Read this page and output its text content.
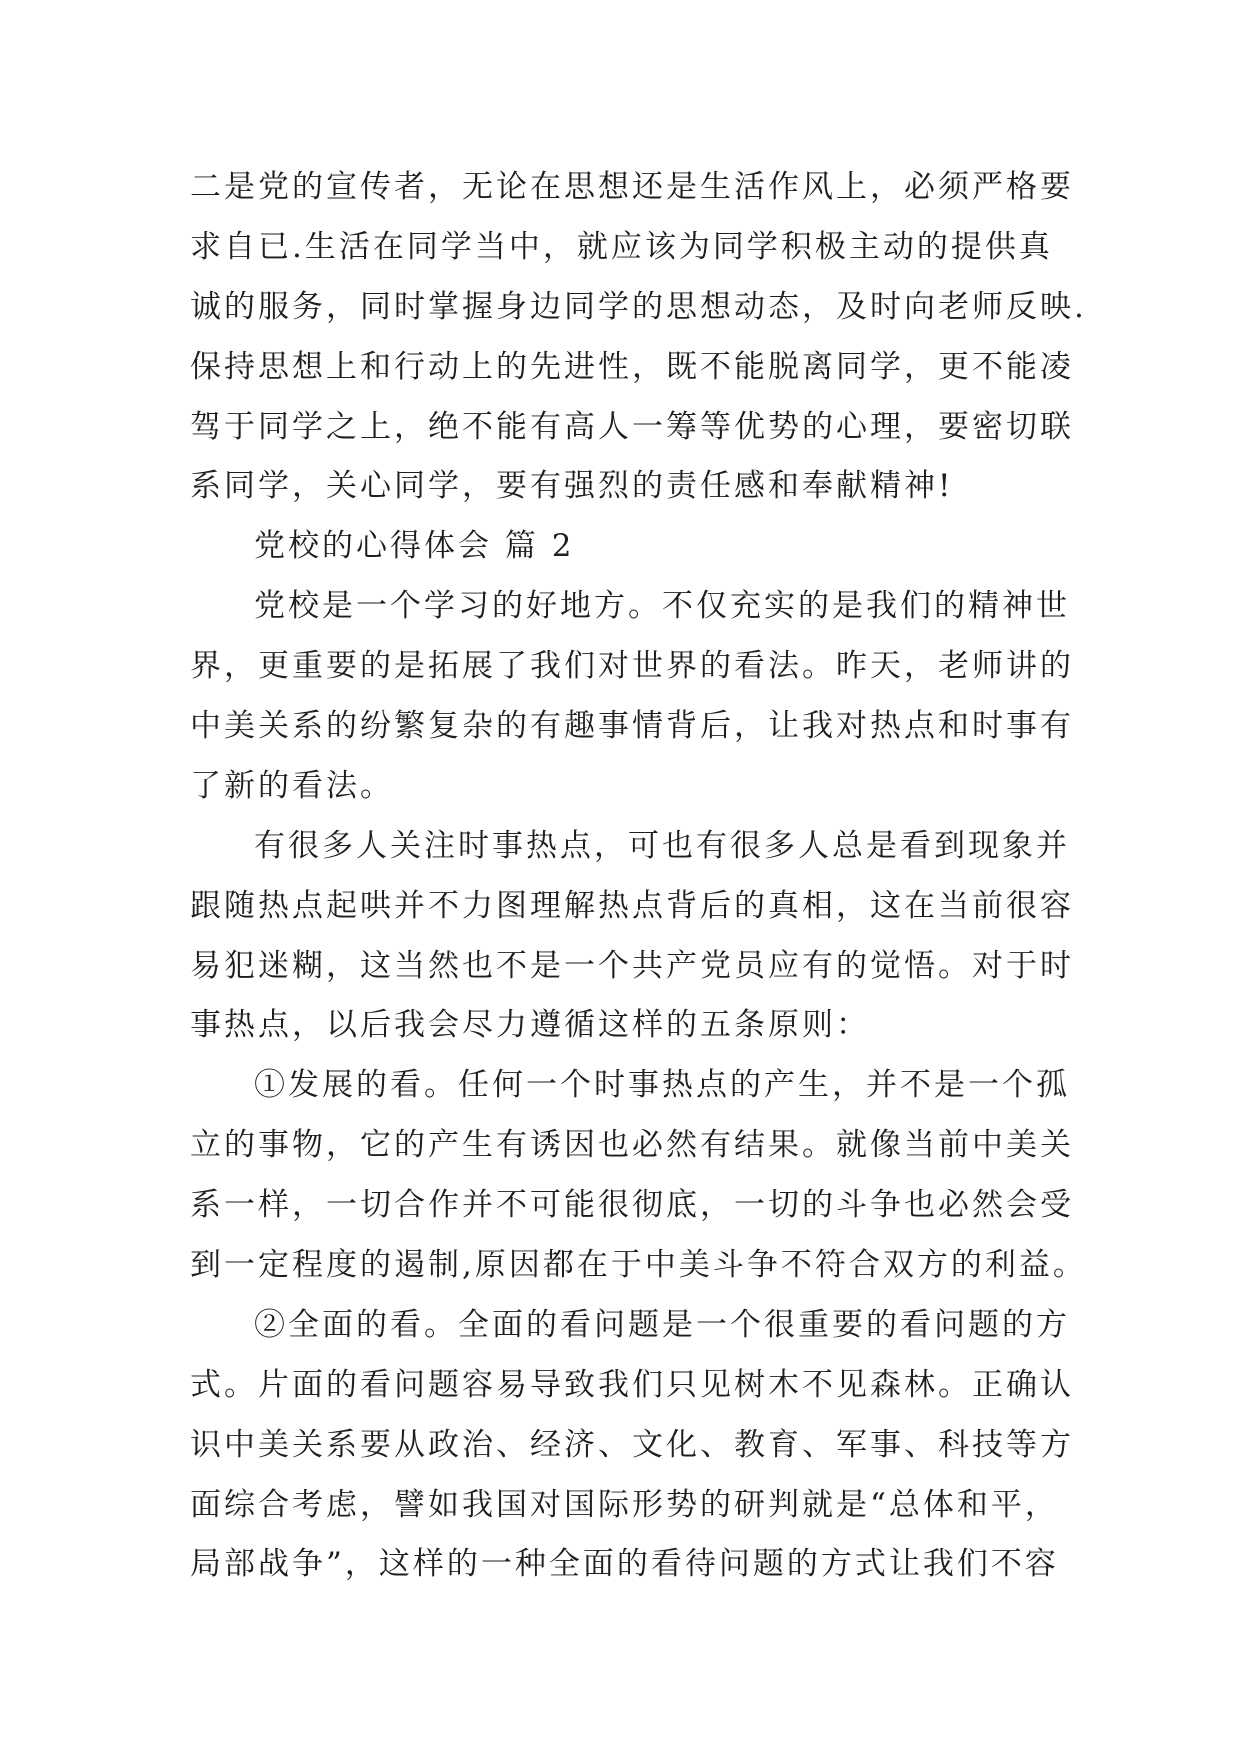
二是党的宣传者，无论在思想还是生活作风上，必须严格要
求自已.生活在同学当中，就应该为同学积极主动的提供真
诚的服务，同时掌握身边同学的思想动态，及时向老师反映.
保持思想上和行动上的先进性，既不能脱离同学，更不能凌
驾于同学之上，绝不能有高人一筹等优势的心理，要密切联
系同学，关心同学，要有强烈的责任感和奉献精神!
党校的心得体会 篇 2
党校是一个学习的好地方。不仅充实的是我们的精神世
界，更重要的是拓展了我们对世界的看法。昨天，老师讲的
中美关系的纷繁复杂的有趣事情背后，让我对热点和时事有
了新的看法。
有很多人关注时事热点，可也有很多人总是看到现象并
跟随热点起哄并不力图理解热点背后的真相，这在当前很容
易犯迷糊，这当然也不是一个共产党员应有的觉悟。对于时
事热点，以后我会尽力遵循这样的五条原则：
①发展的看。任何一个时事热点的产生，并不是一个孤
立的事物，它的产生有诱因也必然有结果。就像当前中美关
系一样，一切合作并不可能很彻底，一切的斗争也必然会受
到一定程度的遏制,原因都在于中美斗争不符合双方的利益。
②全面的看。全面的看问题是一个很重要的看问题的方
式。片面的看问题容易导致我们只见树木不见森林。正确认
识中美关系要从政治、经济、文化、教育、军事、科技等方
面综合考虑，譬如我国对国际形势的研判就是“总体和平，
局部战争”，这样的一种全面的看待问题的方式让我们不容
